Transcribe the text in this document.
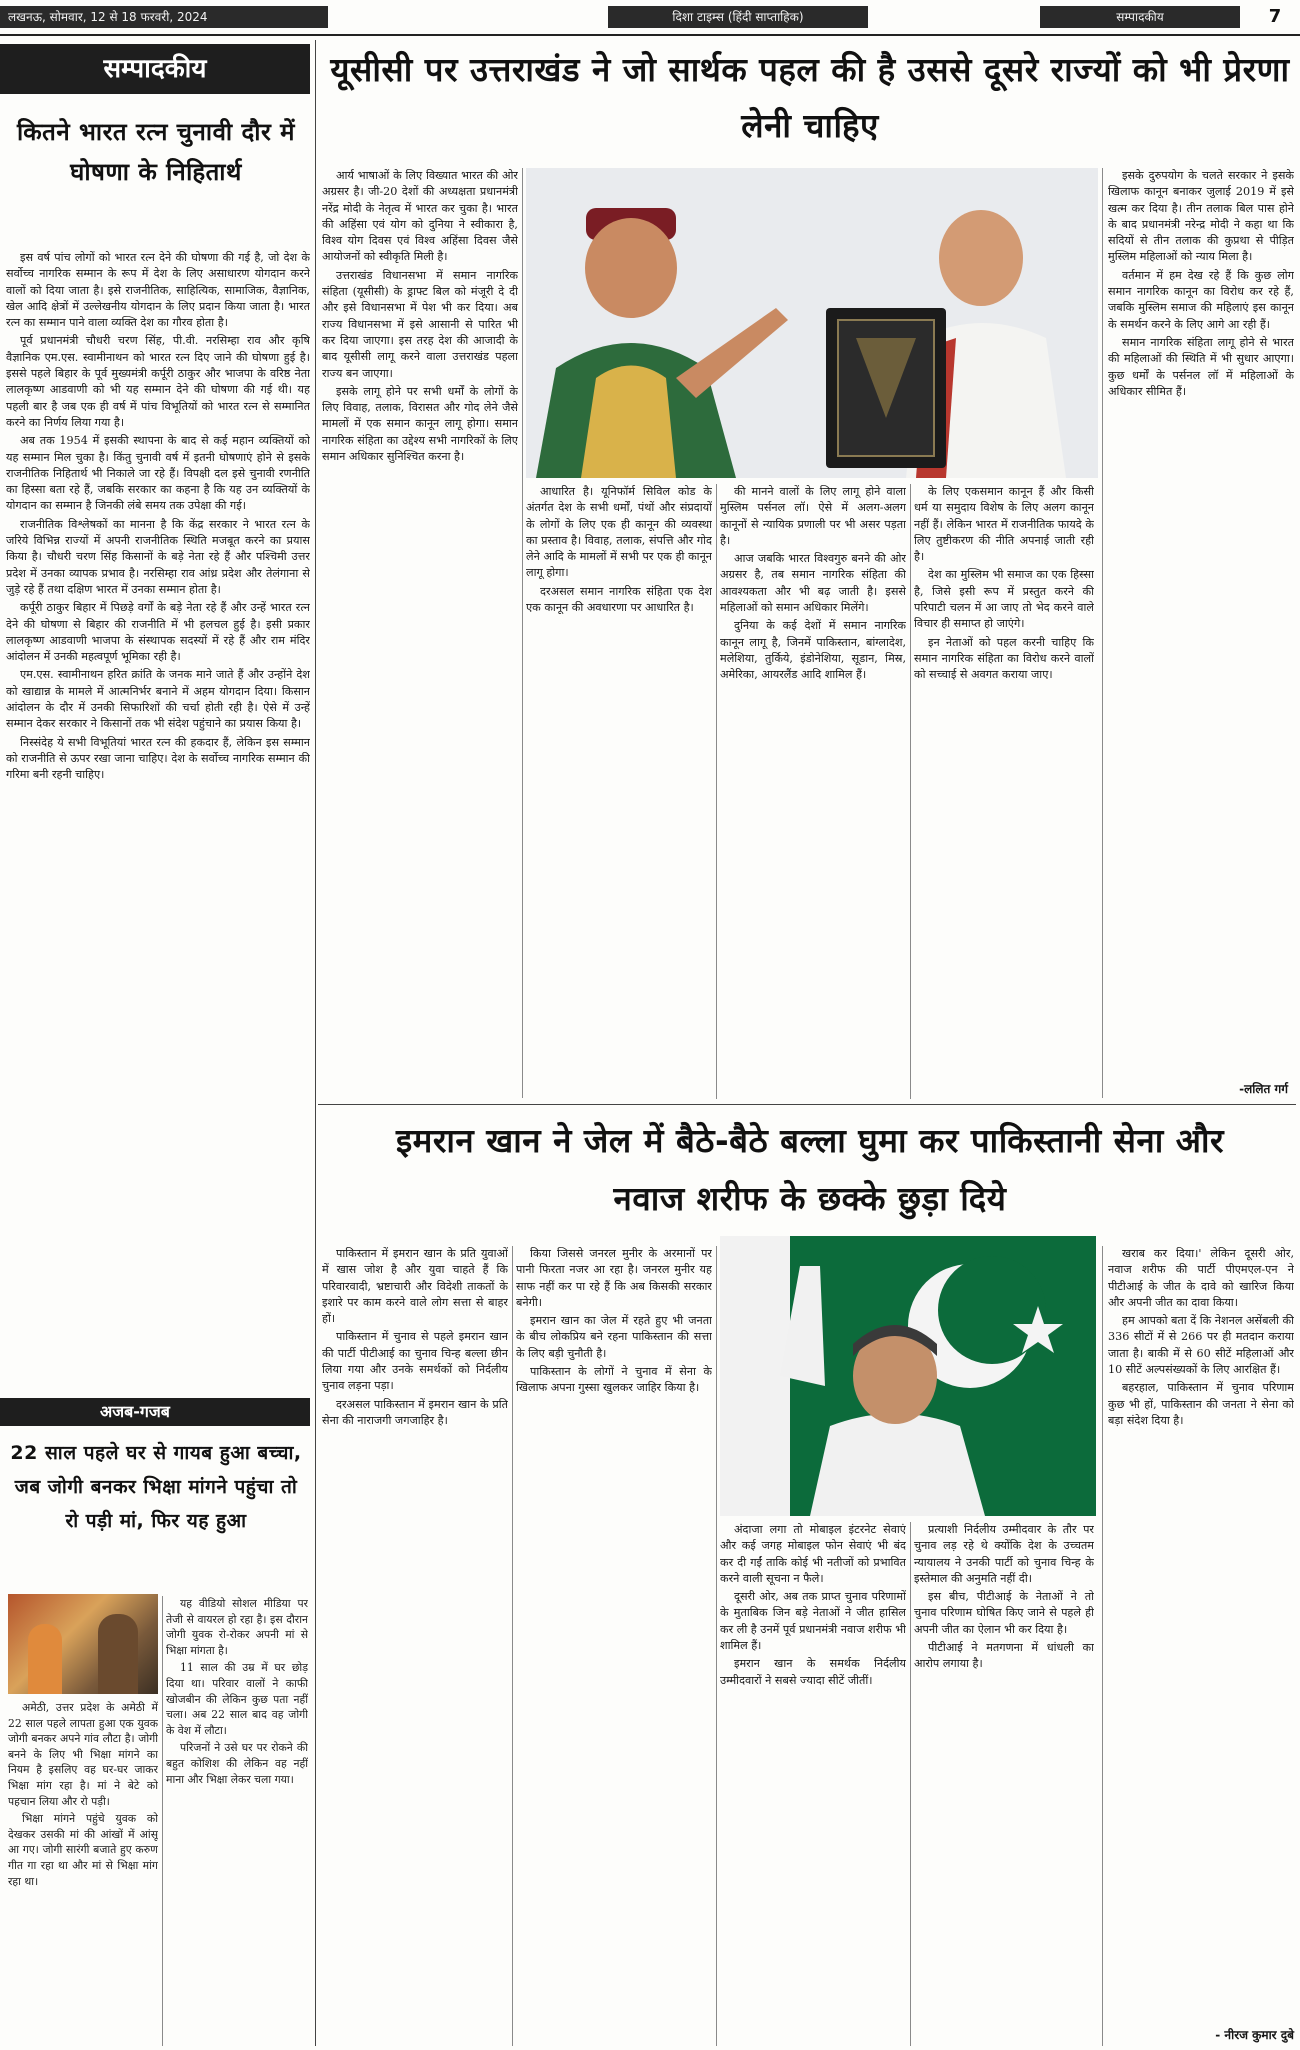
लखनऊ, सोमवार, 12 से 18 फरवरी, 2024	दिशा टाइम्स (हिंदी साप्ताहिक)	सम्पादकीय	7
सम्पादकीय
कितने भारत रत्न चुनावी दौर में घोषणा के निहितार्थ

इस वर्ष पांच लोगों को भारत रत्न देने की घोषणा की गई है, जो देश के सर्वोच्च नागरिक सम्मान के रूप में देश के लिए असाधारण योगदान करने वालों को दिया जाता है। इसे राजनीतिक, साहित्यिक, सामाजिक, वैज्ञानिक, खेल आदि क्षेत्रों में उल्लेखनीय योगदान के लिए प्रदान किया जाता है। भारत रत्न का सम्मान पाने वाला व्यक्ति देश का गौरव होता है।

पूर्व प्रधानमंत्री चौधरी चरण सिंह, पी.वी. नरसिम्हा राव और कृषि वैज्ञानिक एम.एस. स्वामीनाथन को भारत रत्न दिए जाने की घोषणा हुई है। इससे पहले बिहार के पूर्व मुख्यमंत्री कर्पूरी ठाकुर और भाजपा के वरिष्ठ नेता लालकृष्ण आडवाणी को भी यह सम्मान देने की घोषणा की गई थी। यह पहली बार है जब एक ही वर्ष में पांच विभूतियों को भारत रत्न से सम्मानित करने का निर्णय लिया गया है।

अब तक 1954 में इसकी स्थापना के बाद से कई महान व्यक्तियों को यह सम्मान मिल चुका है। किंतु चुनावी वर्ष में इतनी घोषणाएं होने से इसके राजनीतिक निहितार्थ भी निकाले जा रहे हैं। विपक्षी दल इसे चुनावी रणनीति का हिस्सा बता रहे हैं, जबकि सरकार का कहना है कि यह उन व्यक्तियों के योगदान का सम्मान है जिनकी लंबे समय तक उपेक्षा की गई।

राजनीतिक विश्लेषकों का मानना है कि केंद्र सरकार ने भारत रत्न के जरिये विभिन्न राज्यों में अपनी राजनीतिक स्थिति मजबूत करने का प्रयास किया है। चौधरी चरण सिंह किसानों के बड़े नेता रहे हैं और पश्चिमी उत्तर प्रदेश में उनका व्यापक प्रभाव है। नरसिम्हा राव आंध्र प्रदेश और तेलंगाना से जुड़े रहे हैं तथा दक्षिण भारत में उनका सम्मान होता है।

कर्पूरी ठाकुर बिहार में पिछड़े वर्गों के बड़े नेता रहे हैं और उन्हें भारत रत्न देने की घोषणा से बिहार की राजनीति में भी हलचल हुई है। इसी प्रकार लालकृष्ण आडवाणी भाजपा के संस्थापक सदस्यों में रहे हैं और राम मंदिर आंदोलन में उनकी महत्वपूर्ण भूमिका रही है।

एम.एस. स्वामीनाथन हरित क्रांति के जनक माने जाते हैं और उन्होंने देश को खाद्यान्न के मामले में आत्मनिर्भर बनाने में अहम योगदान दिया। किसान आंदोलन के दौर में उनकी सिफारिशों की चर्चा होती रही है। ऐसे में उन्हें सम्मान देकर सरकार ने किसानों तक भी संदेश पहुंचाने का प्रयास किया है।

निस्संदेह ये सभी विभूतियां भारत रत्न की हकदार हैं, लेकिन इस सम्मान को राजनीति से ऊपर रखा जाना चाहिए। देश के सर्वोच्च नागरिक सम्मान की गरिमा बनी रहनी चाहिए।

अजब-गजब
22 साल पहले घर से गायब हुआ बच्चा, जब जोगी बनकर भिक्षा मांगने पहुंचा तो रो पड़ी मां, फिर यह हुआ

अमेठी, उत्तर प्रदेश के अमेठी में 22 साल पहले लापता हुआ एक युवक जोगी बनकर अपने गांव लौटा है। जोगी बनने के लिए भी भिक्षा मांगने का नियम है इसलिए वह घर-घर जाकर भिक्षा मांग रहा है। मां ने बेटे को पहचान लिया और रो पड़ी।

भिक्षा मांगने पहुंचे युवक को देखकर उसकी मां की आंखों में आंसू आ गए। जोगी सारंगी बजाते हुए करुण गीत गा रहा था और मां से भिक्षा मांग रहा था।

यह वीडियो सोशल मीडिया पर तेजी से वायरल हो रहा है। इस दौरान जोगी युवक रो-रोकर अपनी मां से भिक्षा मांगता है।

11 साल की उम्र में घर छोड़ दिया था। परिवार वालों ने काफी खोजबीन की लेकिन कुछ पता नहीं चला। अब 22 साल बाद वह जोगी के वेश में लौटा।

परिजनों ने उसे घर पर रोकने की बहुत कोशिश की लेकिन वह नहीं माना और भिक्षा लेकर चला गया।

यूसीसी पर उत्तराखंड ने जो सार्थक पहल की है उससे दूसरे राज्यों को भी प्रेरणा लेनी चाहिए

आर्य भाषाओं के लिए विख्यात भारत की ओर अग्रसर है। जी-20 देशों की अध्यक्षता प्रधानमंत्री नरेंद्र मोदी के नेतृत्व में भारत कर चुका है। भारत की अहिंसा एवं योग को दुनिया ने स्वीकारा है, विश्व योग दिवस एवं विश्व अहिंसा दिवस जैसे आयोजनों को स्वीकृति मिली है।

उत्तराखंड विधानसभा में समान नागरिक संहिता (यूसीसी) के ड्राफ्ट बिल को मंजूरी दे दी और इसे विधानसभा में पेश भी कर दिया। अब राज्य विधानसभा में इसे आसानी से पारित भी कर दिया जाएगा। इस तरह देश की आजादी के बाद यूसीसी लागू करने वाला उत्तराखंड पहला राज्य बन जाएगा।

इसके लागू होने पर सभी धर्मों के लोगों के लिए विवाह, तलाक, विरासत और गोद लेने जैसे मामलों में एक समान कानून लागू होगा। समान नागरिक संहिता का उद्देश्य सभी नागरिकों के लिए समान अधिकार सुनिश्चित करना है।

आधारित है। यूनिफॉर्म सिविल कोड के अंतर्गत देश के सभी धर्मों, पंथों और संप्रदायों के लोगों के लिए एक ही कानून की व्यवस्था का प्रस्ताव है। विवाह, तलाक, संपत्ति और गोद लेने आदि के मामलों में सभी पर एक ही कानून लागू होगा।

दरअसल समान नागरिक संहिता एक देश एक कानून की अवधारणा पर आधारित है।

की मानने वालों के लिए लागू होने वाला मुस्लिम पर्सनल लॉ। ऐसे में अलग-अलग कानूनों से न्यायिक प्रणाली पर भी असर पड़ता है।

आज जबकि भारत विश्वगुरु बनने की ओर अग्रसर है, तब समान नागरिक संहिता की आवश्यकता और भी बढ़ जाती है। इससे महिलाओं को समान अधिकार मिलेंगे।

दुनिया के कई देशों में समान नागरिक कानून लागू है, जिनमें पाकिस्तान, बांग्लादेश, मलेशिया, तुर्किये, इंडोनेशिया, सूडान, मिस्र, अमेरिका, आयरलैंड आदि शामिल हैं।

के लिए एकसमान कानून हैं और किसी धर्म या समुदाय विशेष के लिए अलग कानून नहीं हैं। लेकिन भारत में राजनीतिक फायदे के लिए तुष्टीकरण की नीति अपनाई जाती रही है।

देश का मुस्लिम भी समाज का एक हिस्सा है, जिसे इसी रूप में प्रस्तुत करने की परिपाटी चलन में आ जाए तो भेद करने वाले विचार ही समाप्त हो जाएंगे।

इन नेताओं को पहल करनी चाहिए कि समान नागरिक संहिता का विरोध करने वालों को सच्चाई से अवगत कराया जाए।

इसके दुरुपयोग के चलते सरकार ने इसके खिलाफ कानून बनाकर जुलाई 2019 में इसे खत्म कर दिया है। तीन तलाक बिल पास होने के बाद प्रधानमंत्री नरेन्द्र मोदी ने कहा था कि सदियों से तीन तलाक की कुप्रथा से पीड़ित मुस्लिम महिलाओं को न्याय मिला है।

वर्तमान में हम देख रहे हैं कि कुछ लोग समान नागरिक कानून का विरोध कर रहे हैं, जबकि मुस्लिम समाज की महिलाएं इस कानून के समर्थन करने के लिए आगे आ रही हैं।

समान नागरिक संहिता लागू होने से भारत की महिलाओं की स्थिति में भी सुधार आएगा। कुछ धर्मों के पर्सनल लॉ में महिलाओं के अधिकार सीमित हैं।

-ललित गर्ग
इमरान खान ने जेल में बैठे-बैठे बल्ला घुमा कर पाकिस्तानी सेना और नवाज शरीफ के छक्के छुड़ा दिये

पाकिस्तान में इमरान खान के प्रति युवाओं में खास जोश है और युवा चाहते हैं कि परिवारवादी, भ्रष्टाचारी और विदेशी ताकतों के इशारे पर काम करने वाले लोग सत्ता से बाहर हों।

पाकिस्तान में चुनाव से पहले इमरान खान की पार्टी पीटीआई का चुनाव चिन्ह बल्ला छीन लिया गया और उनके समर्थकों को निर्दलीय चुनाव लड़ना पड़ा।

दरअसल पाकिस्तान में इमरान खान के प्रति सेना की नाराजगी जगजाहिर है।

किया जिससे जनरल मुनीर के अरमानों पर पानी फिरता नजर आ रहा है। जनरल मुनीर यह साफ नहीं कर पा रहे हैं कि अब किसकी सरकार बनेगी।

इमरान खान का जेल में रहते हुए भी जनता के बीच लोकप्रिय बने रहना पाकिस्तान की सत्ता के लिए बड़ी चुनौती है।

पाकिस्तान के लोगों ने चुनाव में सेना के खिलाफ अपना गुस्सा खुलकर जाहिर किया है।

अंदाजा लगा तो मोबाइल इंटरनेट सेवाएं और कई जगह मोबाइल फोन सेवाएं भी बंद कर दी गईं ताकि कोई भी नतीजों को प्रभावित करने वाली सूचना न फैले।

दूसरी ओर, अब तक प्राप्त चुनाव परिणामों के मुताबिक जिन बड़े नेताओं ने जीत हासिल कर ली है उनमें पूर्व प्रधानमंत्री नवाज शरीफ भी शामिल हैं।

इमरान खान के समर्थक निर्दलीय उम्मीदवारों ने सबसे ज्यादा सीटें जीतीं।

प्रत्याशी निर्दलीय उम्मीदवार के तौर पर चुनाव लड़ रहे थे क्योंकि देश के उच्चतम न्यायालय ने उनकी पार्टी को चुनाव चिन्ह के इस्तेमाल की अनुमति नहीं दी।

इस बीच, पीटीआई के नेताओं ने तो चुनाव परिणाम घोषित किए जाने से पहले ही अपनी जीत का ऐलान भी कर दिया है।

पीटीआई ने मतगणना में धांधली का आरोप लगाया है।

खराब कर दिया।' लेकिन दूसरी ओर, नवाज शरीफ की पार्टी पीएमएल-एन ने पीटीआई के जीत के दावे को खारिज किया और अपनी जीत का दावा किया।

हम आपको बता दें कि नेशनल असेंबली की 336 सीटों में से 266 पर ही मतदान कराया जाता है। बाकी में से 60 सीटें महिलाओं और 10 सीटें अल्पसंख्यकों के लिए आरक्षित हैं।

बहरहाल, पाकिस्तान में चुनाव परिणाम कुछ भी हों, पाकिस्तान की जनता ने सेना को बड़ा संदेश दिया है।

- नीरज कुमार दुबे
